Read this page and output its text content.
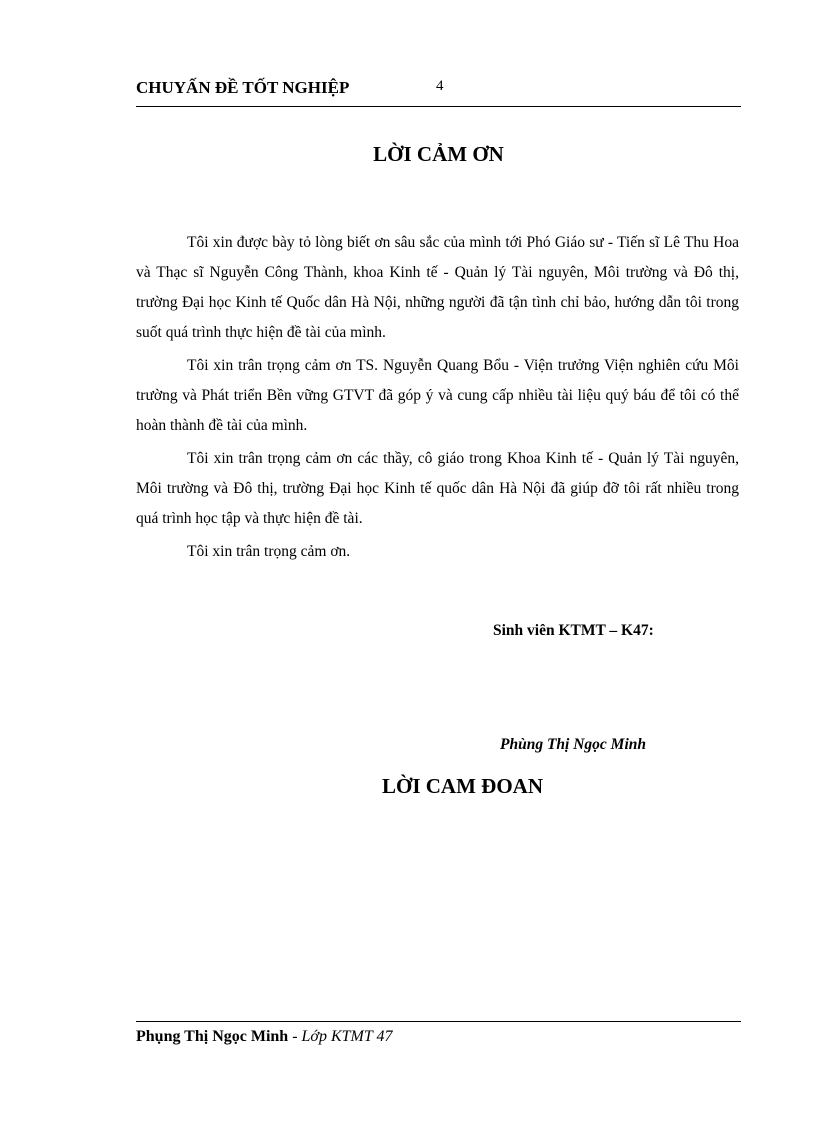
CHUYẤN ĐỀ TỐT NGHIỆP	4
LỜI CẢM ƠN

Tôi xin được bày tỏ lòng biết ơn sâu sắc của mình tới Phó Giáo sư - Tiến sĩ Lê Thu Hoa và Thạc sĩ Nguyễn Công Thành, khoa Kinh tế - Quản lý Tài nguyên, Môi trường và Đô thị, trường Đại học Kinh tế Quốc dân Hà Nội, những người đã tận tình chỉ bảo, hướng dẫn tôi trong suốt quá trình thực hiện đề tài của mình.

Tôi xin trân trọng cảm ơn TS. Nguyễn Quang Bổu - Viện trưởng Viện nghiên cứu Môi trường và Phát triển Bền vững GTVT đã góp ý và cung cấp nhiều tài liệu quý báu để tôi có thể hoàn thành đề tài của mình.

Tôi xin trân trọng cảm ơn các thầy, cô giáo trong Khoa Kinh tế - Quản lý Tài nguyên, Môi trường và Đô thị, trường Đại học Kinh tế quốc dân Hà Nội đã giúp đỡ tôi rất nhiều trong quá trình học tập và thực hiện đề tài.

Tôi xin trân trọng cảm ơn.

Sinh viên KTMT – K47:
Phùng Thị Ngọc Minh
LỜI CAM ĐOAN
Phụng Thị Ngọc Minh - Lớp KTMT 47
